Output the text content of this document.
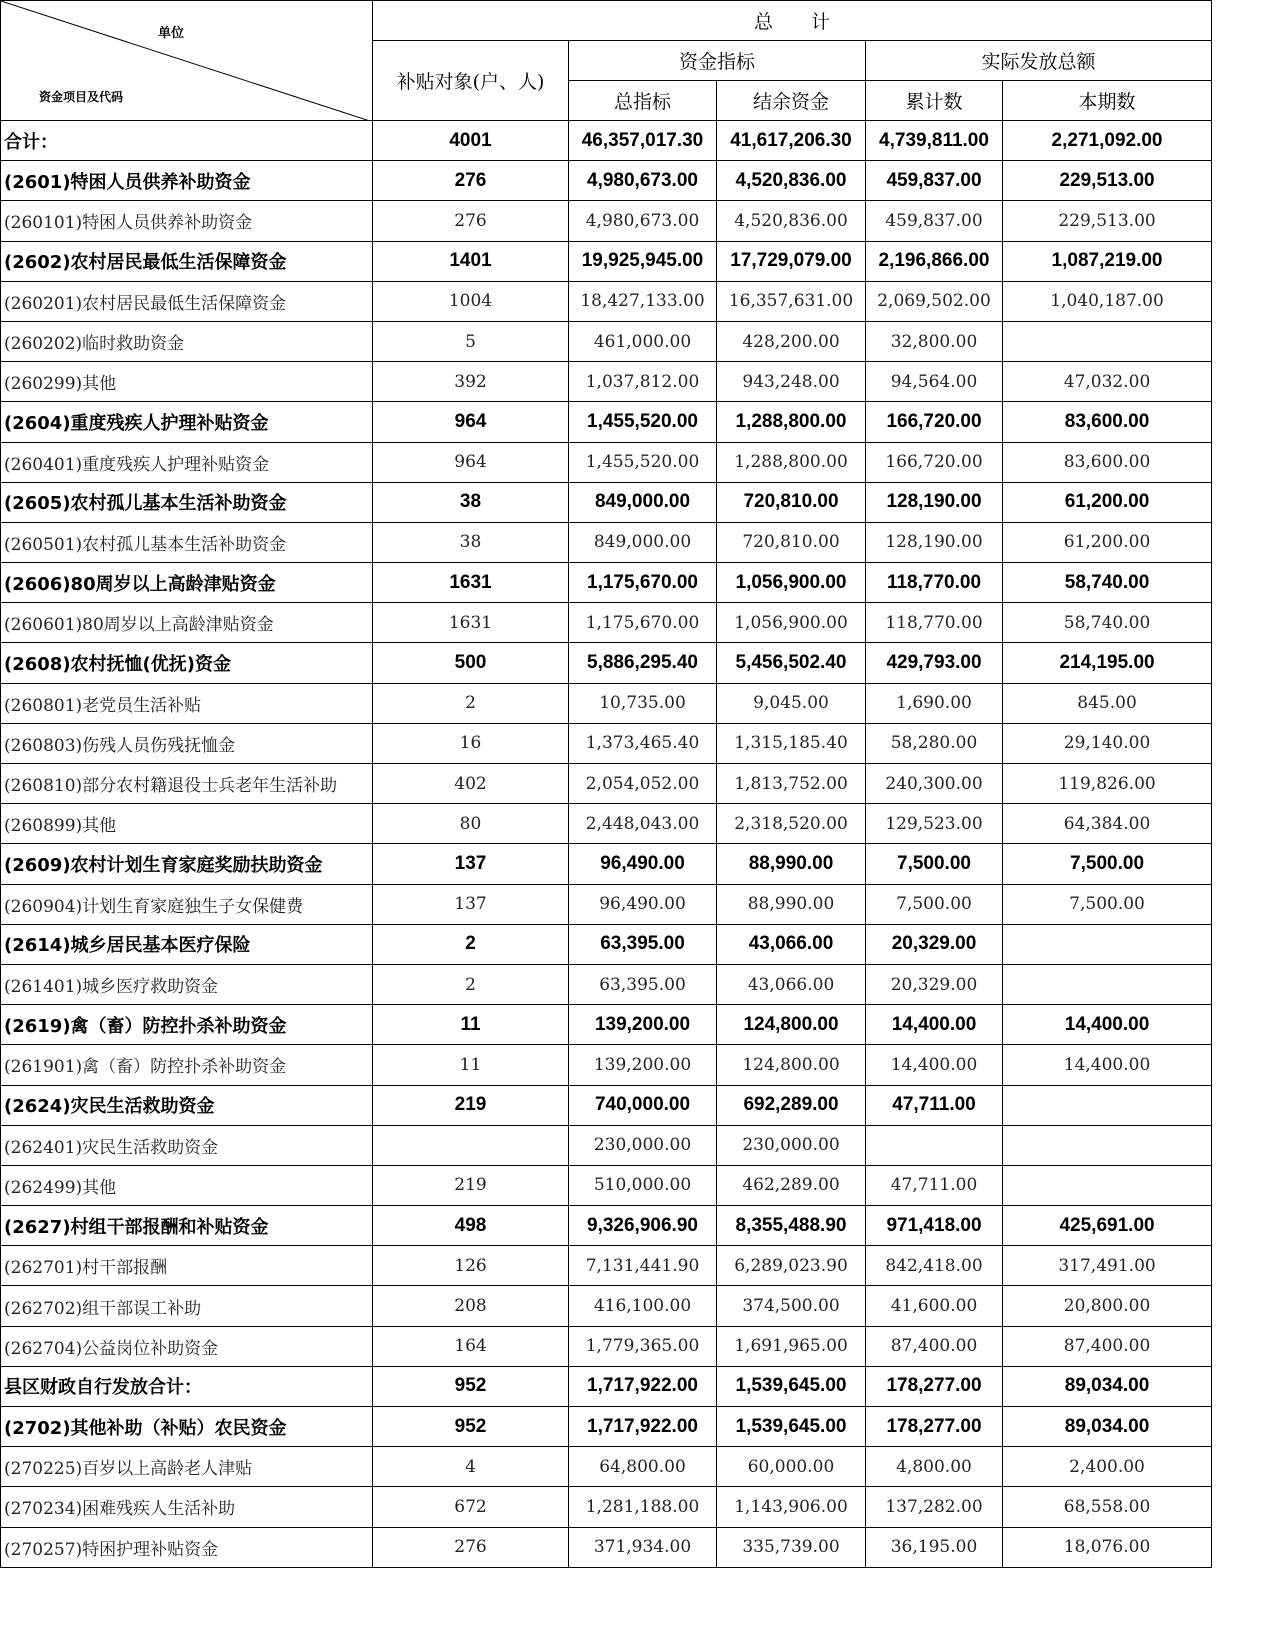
单位
资金项目及代码	总　　计				
	补贴对象(户、人)	资金指标		实际发放总额	
		总指标	结余资金	累计数	本期数
合计：	4001	46,357,017.30	41,617,206.30	4,739,811.00	2,271,092.00
(2601)特困人员供养补助资金	276	4,980,673.00	4,520,836.00	459,837.00	229,513.00
(260101)特困人员供养补助资金	276	4,980,673.00	4,520,836.00	459,837.00	229,513.00
(2602)农村居民最低生活保障资金	1401	19,925,945.00	17,729,079.00	2,196,866.00	1,087,219.00
(260201)农村居民最低生活保障资金	1004	18,427,133.00	16,357,631.00	2,069,502.00	1,040,187.00
(260202)临时救助资金	5	461,000.00	428,200.00	32,800.00	
(260299)其他	392	1,037,812.00	943,248.00	94,564.00	47,032.00
(2604)重度残疾人护理补贴资金	964	1,455,520.00	1,288,800.00	166,720.00	83,600.00
(260401)重度残疾人护理补贴资金	964	1,455,520.00	1,288,800.00	166,720.00	83,600.00
(2605)农村孤儿基本生活补助资金	38	849,000.00	720,810.00	128,190.00	61,200.00
(260501)农村孤儿基本生活补助资金	38	849,000.00	720,810.00	128,190.00	61,200.00
(2606)80周岁以上高龄津贴资金	1631	1,175,670.00	1,056,900.00	118,770.00	58,740.00
(260601)80周岁以上高龄津贴资金	1631	1,175,670.00	1,056,900.00	118,770.00	58,740.00
(2608)农村抚恤(优抚)资金	500	5,886,295.40	5,456,502.40	429,793.00	214,195.00
(260801)老党员生活补贴	2	10,735.00	9,045.00	1,690.00	845.00
(260803)伤残人员伤残抚恤金	16	1,373,465.40	1,315,185.40	58,280.00	29,140.00
(260810)部分农村籍退役士兵老年生活补助	402	2,054,052.00	1,813,752.00	240,300.00	119,826.00
(260899)其他	80	2,448,043.00	2,318,520.00	129,523.00	64,384.00
(2609)农村计划生育家庭奖励扶助资金	137	96,490.00	88,990.00	7,500.00	7,500.00
(260904)计划生育家庭独生子女保健费	137	96,490.00	88,990.00	7,500.00	7,500.00
(2614)城乡居民基本医疗保险	2	63,395.00	43,066.00	20,329.00	
(261401)城乡医疗救助资金	2	63,395.00	43,066.00	20,329.00	
(2619)禽（畜）防控扑杀补助资金	11	139,200.00	124,800.00	14,400.00	14,400.00
(261901)禽（畜）防控扑杀补助资金	11	139,200.00	124,800.00	14,400.00	14,400.00
(2624)灾民生活救助资金	219	740,000.00	692,289.00	47,711.00	
(262401)灾民生活救助资金		230,000.00	230,000.00		
(262499)其他	219	510,000.00	462,289.00	47,711.00	
(2627)村组干部报酬和补贴资金	498	9,326,906.90	8,355,488.90	971,418.00	425,691.00
(262701)村干部报酬	126	7,131,441.90	6,289,023.90	842,418.00	317,491.00
(262702)组干部误工补助	208	416,100.00	374,500.00	41,600.00	20,800.00
(262704)公益岗位补助资金	164	1,779,365.00	1,691,965.00	87,400.00	87,400.00
县区财政自行发放合计：	952	1,717,922.00	1,539,645.00	178,277.00	89,034.00
(2702)其他补助（补贴）农民资金	952	1,717,922.00	1,539,645.00	178,277.00	89,034.00
(270225)百岁以上高龄老人津贴	4	64,800.00	60,000.00	4,800.00	2,400.00
(270234)困难残疾人生活补助	672	1,281,188.00	1,143,906.00	137,282.00	68,558.00
(270257)特困护理补贴资金	276	371,934.00	335,739.00	36,195.00	18,076.00
